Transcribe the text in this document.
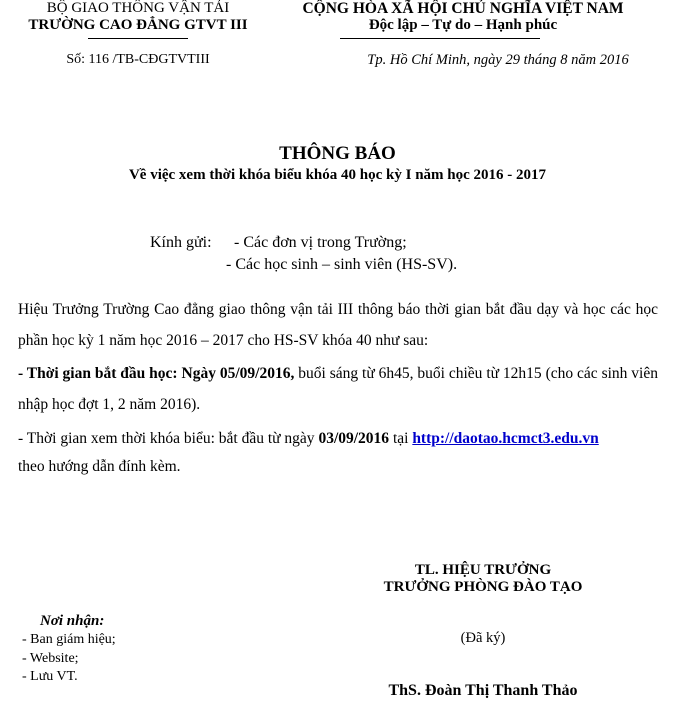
BỘ GIAO THÔNG VẬN TẢI
TRƯỜNG CAO ĐẲNG GTVT III
Số: 116 /TB-CĐGTVTIII
CỘNG HÒA XÃ HỘI CHỦ NGHĨA VIỆT NAM
Độc lập – Tự do – Hạnh phúc
Tp. Hồ Chí Minh, ngày 29 tháng 8 năm 2016
THÔNG BÁO
Về việc xem thời khóa biểu khóa 40 học kỳ I năm học 2016 - 2017
Kính gửi: - Các đơn vị trong Trường;
- Các học sinh – sinh viên (HS-SV).
Hiệu Trưởng Trường Cao đẳng giao thông vận tải III thông báo thời gian bắt đầu dạy và học các học phần học kỳ 1 năm học 2016 – 2017 cho HS-SV khóa 40 như sau:
- Thời gian bắt đầu học: Ngày 05/09/2016, buổi sáng từ 6h45, buổi chiều từ 12h15 (cho các sinh viên nhập học đợt 1, 2 năm 2016).
- Thời gian xem thời khóa biểu: bắt đầu từ ngày 03/09/2016 tại http://daotao.hcmct3.edu.vn
theo hướng dẫn đính kèm.
TL. HIỆU TRƯỞNG
TRƯỞNG PHÒNG ĐÀO TẠO
(Đã ký)
ThS. Đoàn Thị Thanh Thảo
Nơi nhận:
- Ban giám hiệu;
- Website;
- Lưu VT.
